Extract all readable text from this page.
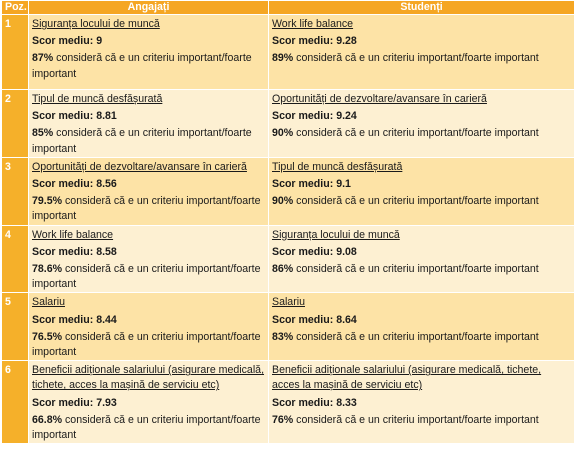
Poz.	Angajați	Studenți
1	Siguranța locului de muncă
Scor mediu: 9
87% consideră că e un criteriu important/foarte important	Work life balance
Scor mediu: 9.28
89% consideră că e un criteriu important/foarte important

2	Tipul de muncă desfășurată
Scor mediu: 8.81
85% consideră că e un criteriu important/foarte important	Oportunități de dezvoltare/avansare în carieră
Scor mediu: 9.24
90% consideră că e un criteriu important/foarte important

3	Oportunități de dezvoltare/avansare în carieră
Scor mediu: 8.56
79.5% consideră că e un criteriu important/foarte important	Tipul de muncă desfășurată
Scor mediu: 9.1
90% consideră că e un criteriu important/foarte important

4	Work life balance
Scor mediu: 8.58
78.6% consideră că e un criteriu important/foarte important	Siguranța locului de muncă
Scor mediu: 9.08
86% consideră că e un criteriu important/foarte important

5	Salariu
Scor mediu: 8.44
76.5% consideră că e un criteriu important/foarte important	Salariu
Scor mediu: 8.64
83% consideră că e un criteriu important/foarte important

6	Beneficii adiționale salariului (asigurare medicală, tichete, acces la mașină de serviciu etc)
Scor mediu: 7.93
66.8% consideră că e un criteriu important/foarte important	Beneficii adiționale salariului (asigurare medicală, tichete, acces la mașină de serviciu etc)
Scor mediu: 8.33
76% consideră că e un criteriu important/foarte important
